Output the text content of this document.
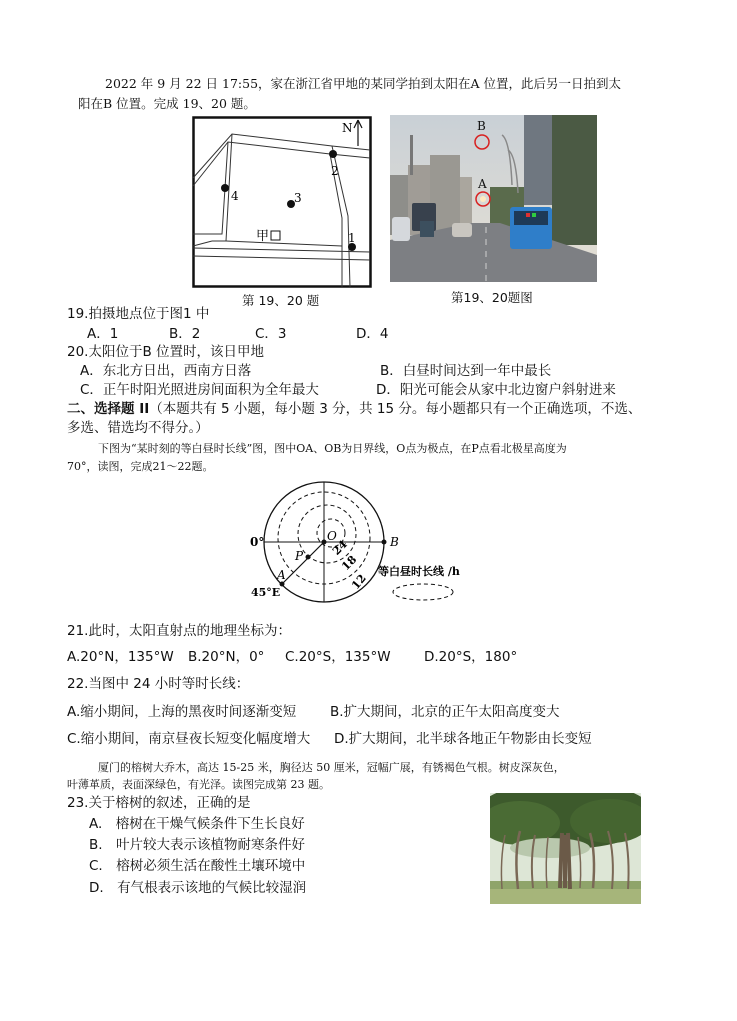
2022 年 9 月 22 日 17:55，家在浙江省甲地的某同学拍到太阳在A 位置，此后另一日拍到太
阳在B 位置。完成 19、20 题。
N
2
3
4
1
甲
第 19、20 题
B
A
第19、20题图
19.拍摄地点位于图1 中
A．1	B．2	C．3	D．4
20.太阳位于B 位置时，该日甲地
A．东北方日出，西南方日落	B．白昼时间达到一年中最长
C．正午时阳光照进房间面积为全年最大	D．阳光可能会从家中北边窗户斜射进来
二、选择题 II（本题共有 5 小题，每小题 3 分，共 15 分。每小题都只有一个正确选项，不选、
多选、错选均不得分。）
下图为“某时刻的等白昼时长线”图，图中OA、OB为日界线，O点为极点，在P点看北极星高度为
70°，读图，完成21～22题。
0°	O	B
P
A
45°E
24
18
12
等白昼时长线 /h
21.此时，太阳直射点的地理坐标为：
A.20°N，135°W B.20°N，0° C.20°S，135°W D.20°S，180°
22.当图中 24 小时等时长线：
A.缩小期间，上海的黑夜时间逐渐变短 B.扩大期间，北京的正午太阳高度变大
C.缩小期间，南京昼夜长短变化幅度增大 D.扩大期间，北半球各地正午物影由长变短
厦门的榕树大乔木，高达 15-25 米，胸径达 50 厘米，冠幅广展，有锈褐色气根。树皮深灰色，
叶薄革质，表面深绿色，有光泽。读图完成第 23 题。
23.关于榕树的叙述，正确的是
A.　榕树在干燥气候条件下生长良好
B.　叶片较大表示该植物耐寒条件好
C.　榕树必须生活在酸性土壤环境中
D.　有气根表示该地的气候比较湿润
